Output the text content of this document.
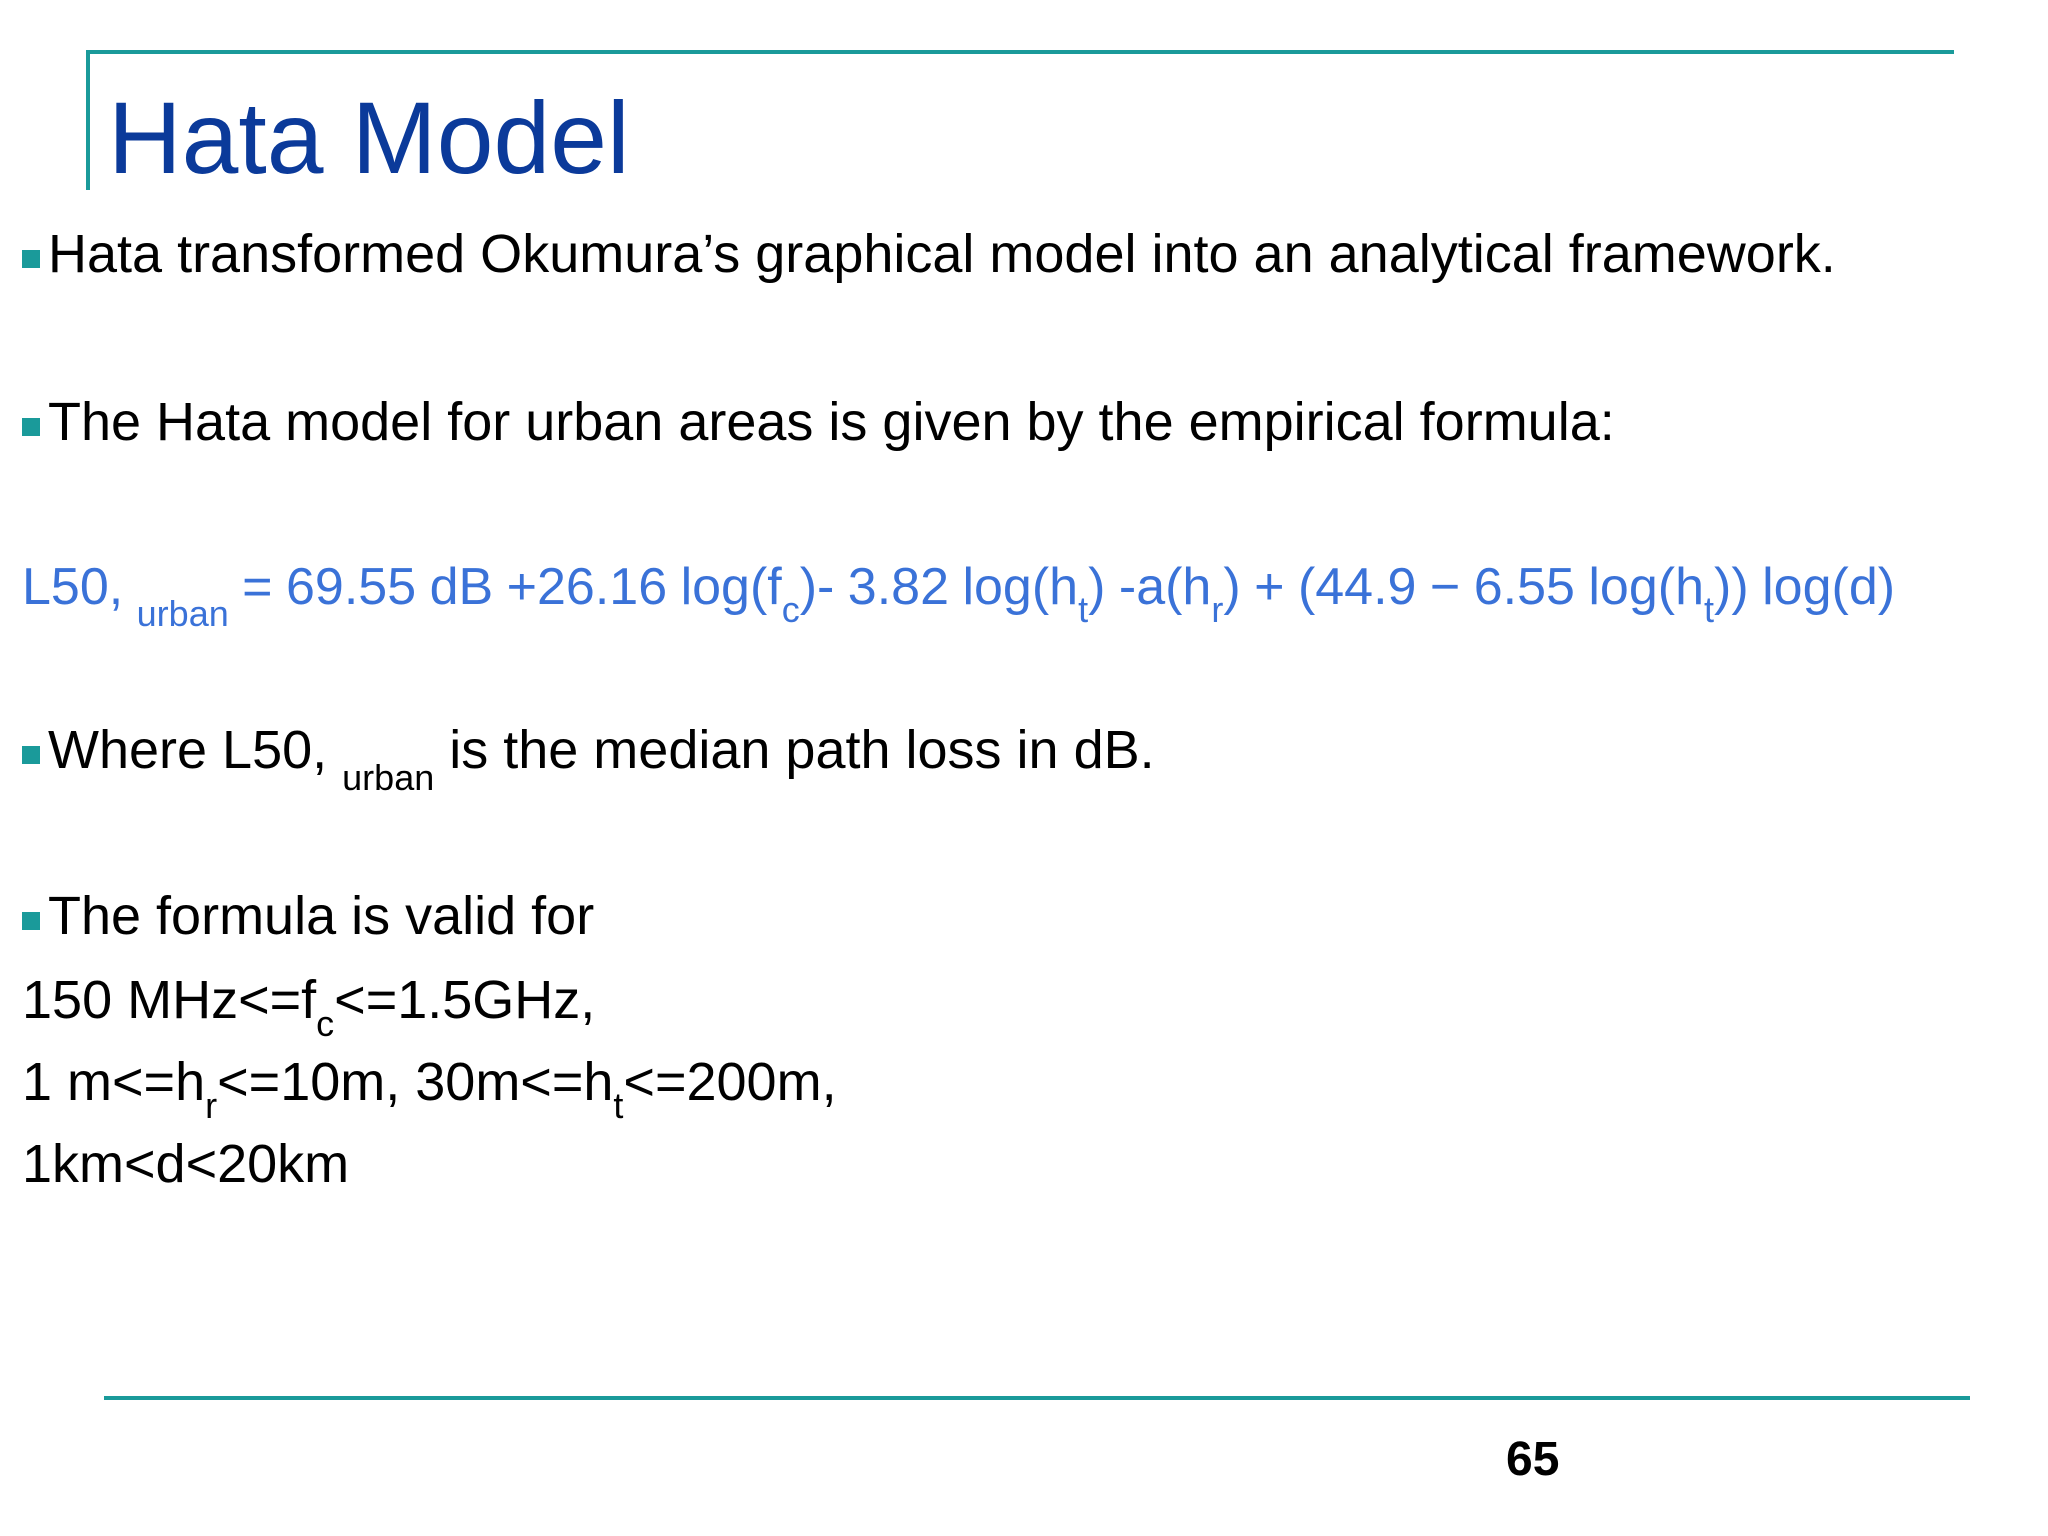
Hata Model
Hata transformed Okumura’s graphical model into an analytical framework.
The Hata model for urban areas is given by the empirical formula:
L50, $_{urban}$ = 69.55 dB +26.16 $\log(f_c)-$ 3.82 $\log(h_t) -a(h_r) + (44.9 - 6.55$ $\log(h_t)$) log(d)
Where L50, $_{urban}$ is the median path loss in dB.
The formula is valid for
150 $MHz<=f_c<=1.5GHz$,
1 $m<=h_r<=10m$, $30m<=h_t<=200m$,
1km<d<20km
65
